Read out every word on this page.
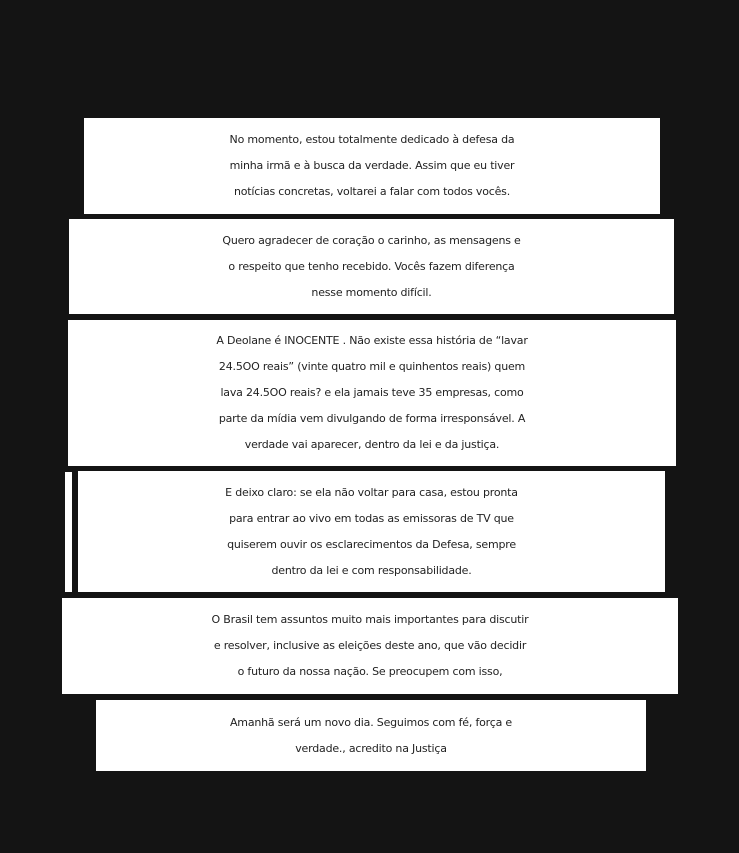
No momento, estou totalmente dedicado à defesa da
minha irmã e à busca da verdade. Assim que eu tiver
notícias concretas, voltarei a falar com todos vocês.
Quero agradecer de coração o carinho, as mensagens e
o respeito que tenho recebido. Vocês fazem diferença
nesse momento difícil.
A Deolane é INOCENTE . Não existe essa história de “lavar
24.5OO reais” (vinte quatro mil e quinhentos reais) quem
lava 24.5OO reais? e ela jamais teve 35 empresas, como
parte da mídia vem divulgando de forma irresponsável. A
verdade vai aparecer, dentro da lei e da justiça.
E deixo claro: se ela não voltar para casa, estou pronta
para entrar ao vivo em todas as emissoras de TV que
quiserem ouvir os esclarecimentos da Defesa, sempre
dentro da lei e com responsabilidade.
O Brasil tem assuntos muito mais importantes para discutir
e resolver, inclusive as eleições deste ano, que vão decidir
o futuro da nossa nação. Se preocupem com isso,
Amanhã será um novo dia. Seguimos com fé, força e
verdade., acredito na Justiça
